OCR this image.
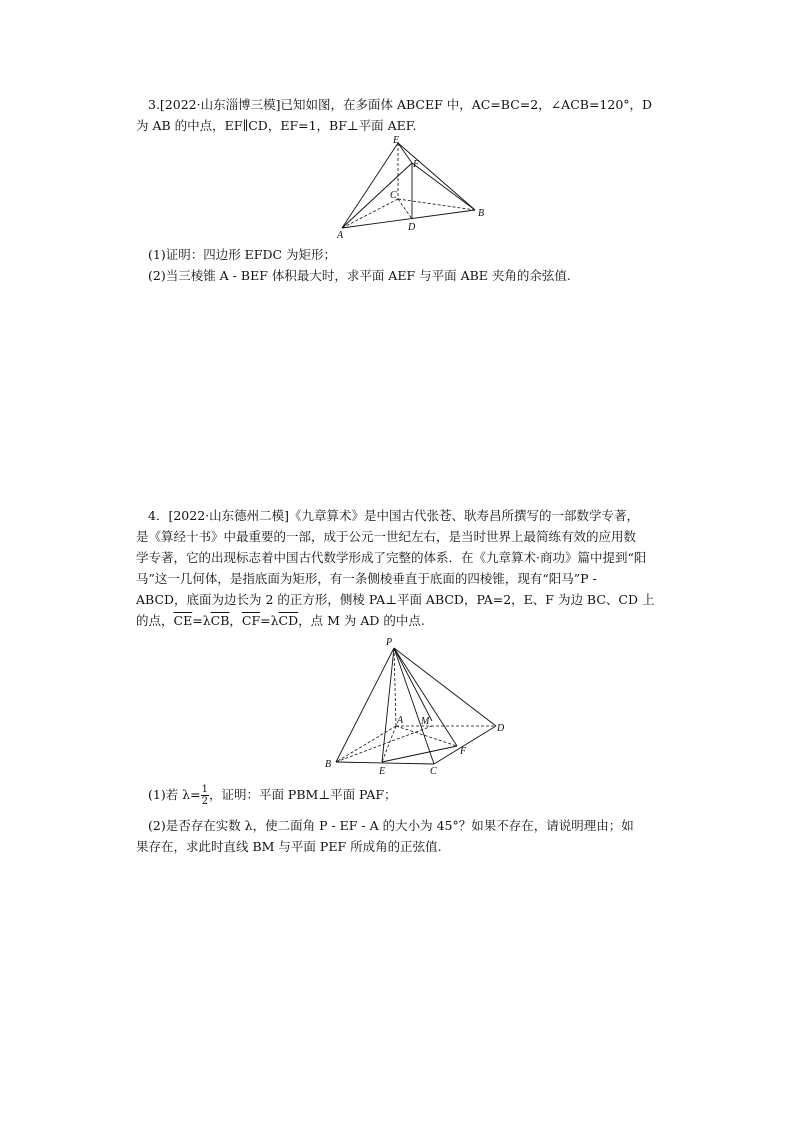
3.[2022·山东淄博三模]已知如图，在多面体 ABCEF 中，AC=BC=2，∠ACB=120°，D
为 AB 的中点，EF∥CD，EF=1，BF⊥平面 AEF.
E
F
C
B
A
D
(1)证明：四边形 EFDC 为矩形；
(2)当三棱锥 A - BEF 体积最大时，求平面 AEF 与平面 ABE 夹角的余弦值.
4．[2022·山东德州二模]《九章算术》是中国古代张苍、耿寿昌所撰写的一部数学专著，
是《算经十书》中最重要的一部，成于公元一世纪左右，是当时世界上最简练有效的应用数
学专著，它的出现标志着中国古代数学形成了完整的体系．在《九章算术·商功》篇中提到“阳
马”这一几何体，是指底面为矩形，有一条侧棱垂直于底面的四棱锥，现有“阳马”P -
ABCD，底面为边长为 2 的正方形，侧棱 PA⊥平面 ABCD，PA=2，E、F 为边 BC、CD 上
的点，$\overline{CE}=\lambda\overline{CB}$，$\overline{CF}=\lambda\overline{CD}$，点 M 为 AD 的中点.
P
A M
D
B
E	C
F
(1)若 $\lambda= \frac{1}{2}$ ，证明：平面 PBM⊥平面 PAF；
(2)是否存在实数 λ，使二面角 P - EF - A 的大小为 45°？如果不存在，请说明理由；如
果存在，求此时直线 BM 与平面 PEF 所成角的正弦值.
